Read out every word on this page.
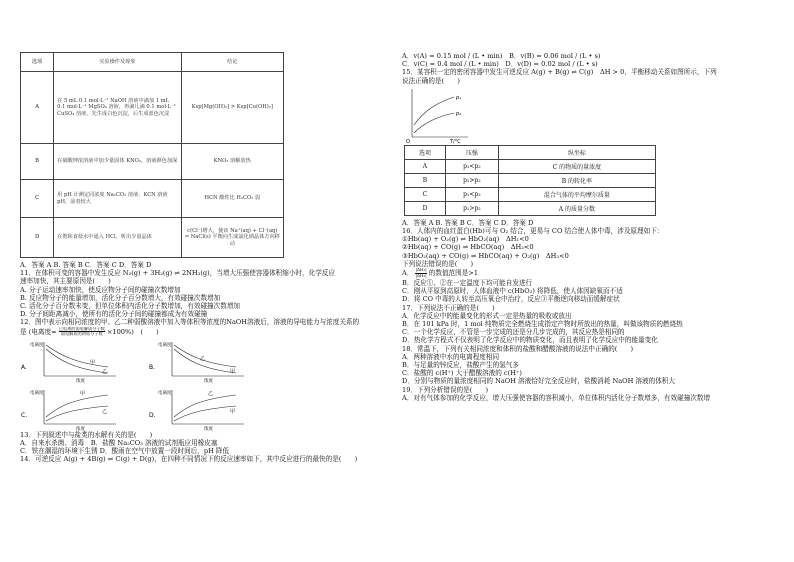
选项	实验操作及现象	结论
A	在 5 mL 0.1 mol·L⁻¹ NaOH 溶液中滴加 1 mL 0.1 mol·L⁻¹ MgSO₄ 溶液，再滴几滴 0.1 mol·L⁻¹ CuSO₄ 溶液，先生成白色沉淀，后生成蓝色沉淀	Ksp[Mg(OH)₂] > Ksp[Cu(OH)₂]
B	在硝酸钾浓溶液中加少量固体 KNO₃，溶液颜色加深	KNO₃ 溶解放热
C	用 pH 计测定同浓度 Na₂CO₃ 溶液、KCN 溶液 pH，前者较大	HCN 酸性比 H₂CO₃ 弱
D	在饱和食盐水中通入 HCl，析出少量晶体	c(Cl⁻)增大，使该 Na⁺(aq) + Cl⁻(aq) ⇌ NaCl(s) 平衡向生成氯化钠晶体方向移动

A．答案 A B. 答案 B C．答案 C D．答案 D

11．在体积可变的容器中发生反应 N₂(g) + 3H₂(g) ⇌ 2NH₃(g)，当增大压强使容器体积缩小时，化学反应

速率加快，其主要原因是(　　)

A. 分子运动速率加快，使反应物分子间的碰撞次数增加

B. 反应物分子的能量增加，活化分子百分数增大，有效碰撞次数增加

C. 活化分子百分数未变，但单位体积内活化分子数增加，有效碰撞次数增加

D. 分子间距离减小，使所有的活化分子间的碰撞都成为有效碰撞

12．图中表示向相同浓度的甲、乙二种弱酸溶液中加入等体积等浓度的NaOH溶液后，溶液的导电能力与浓度关系的

是 (电离度= $\frac{\text{已电离的弱电解质分子数}}{\text{弱电解质的初始分子数}} \times 100\%$)　(　　)

A.
电离度
甲
乙
浓度
B.
电离度
乙
甲
浓度
C.
电离度	甲
乙
浓度
D.
电离度	乙
甲
浓度

13．下列叙述中与盐类的水解有关的是(　　)

A．自来水杀菌、消毒　B．盐酸 Na₂CO₃ 溶液的试剂瓶应用橡皮塞

C．铁在潮湿的环境下生锈 D．酸雨在空气中放置一段时间后，pH 降低

14．可逆反应 A(g) + 4B(g) ⇌ C(g) + D(g)，在四种不同情况下的反应速率如下，其中反应进行的最快的是(　　)

A．v(A) = 0.15 mol / (L • min)　B．v(B) = 0.06 mol / (L • s)

C．v(C) = 0.4 mol / (L • min)　D．v(D) = 0.02 mol / (L • s)

15．某容积一定的密闭容器中发生可逆反应 A(g) + B(g) ⇌ C(g)　ΔH > 0，平衡移动关系如图所示，下列

说法正确的是(　　)

p₁
p₂
O	T/°C
选项	压强	纵坐标
A	p₁<p₂	C 的物质的量浓度
B	p₁>p₂	B 的转化率
C	p₁<p₂	混合气体的平均摩尔质量
D	p₁>p₂	A 的质量分数

A．答案 A B. 答案 B C．答案 C D．答案 D

16．人体内的血红蛋白(Hb)可与 O₂ 结合，更易与 CO 结合使人体中毒，涉及原理如下：

①Hb(aq) + O₂(g) ⇌ HbO₂(aq)　ΔH₁<0

②Hb(aq) + CO(g) ⇌ HbCO(aq)　ΔH₂<0

③HbO₂(aq) + CO(g) ⇌ HbCO(aq) + O₂(g)　ΔH₃<0

下列说法错误的是(　　)

A． $\frac{\text{|ΔH₁|}}{\text{|ΔH₂|}}$ 的数值范围是>1

B．反应①、②在一定温度下均可能自发进行

C．刚从平原到高原时，人体血液中 c(HbO₂) 将降低，使人体因缺氧而不适

D．将 CO 中毒的人转至高压氧仓中治疗，反应③平衡逆向移动而缓解症状

17．下列说法不正确的是(　　)

A．化学反应中的能量变化的形式一定是热量的吸收或放出

B．在 101 kPa 时，1 mol 纯物质完全燃烧生成指定产物时所放出的热量，叫做该物质的燃烧热

C．一个化学反应，不管是一步完成的还是分几步完成的，其反应热是相同的

D．热化学方程式不仅表明了化学反应中的物质变化，而且表明了化学反应中的能量变化

18．常温下，下列有关相同浓度和体积的盐酸和醋酸溶液的说法中正确的(　　)

A．两种溶液中水的电离程度相同

B．与足量的锌反应，盐酸产生的氢气多

C．盐酸的 c(H⁺) 大于醋酸溶液的 c(H⁺)

D．分别与物质的量浓度相同的 NaOH 溶液恰好完全反应时，盐酸消耗 NaOH 溶液的体积大

19．下列分析错误的是(　　)

A．对有气体参加的化学反应，增大压强使容器的容积减小，单位体积内活化分子数增多，有效碰撞次数增
